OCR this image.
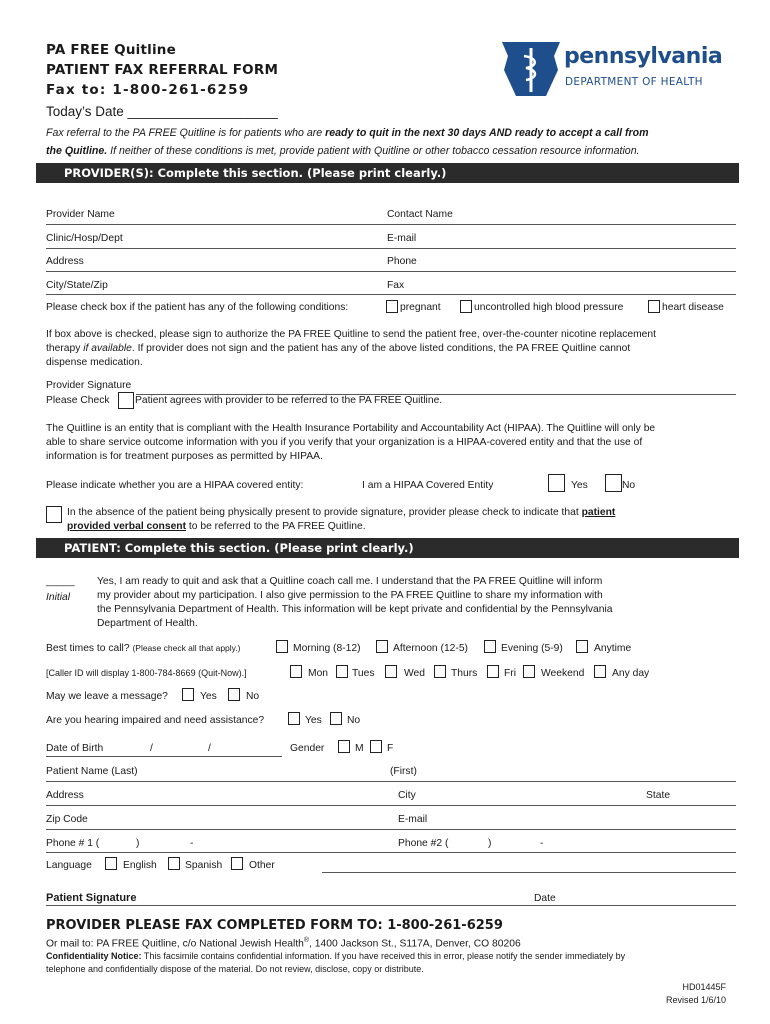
PA FREE Quitline
PATIENT FAX REFERRAL FORM
Fax to: 1-800-261-6259
Today’s Date ____________________
pennsylvania
DEPARTMENT OF HEALTH
Fax referral to the PA FREE Quitline is for patients who are ready to quit in the next 30 days AND ready to accept a call from
the Quitline. If neither of these conditions is met, provide patient with Quitline or other tobacco cessation resource information.
PROVIDER(S): Complete this section. (Please print clearly.)
Provider Name	Contact Name
Clinic/Hosp/Dept	E-mail
Address	Phone
City/State/Zip	Fax
Please check box if the patient has any of the following conditions:	pregnant	uncontrolled high blood pressure	heart disease
If box above is checked, please sign to authorize the PA FREE Quitline to send the patient free, over-the-counter nicotine replacement
therapy if available. If provider does not sign and the patient has any of the above listed conditions, the PA FREE Quitline cannot
dispense medication.
Provider Signature
Please Check Patient agrees with provider to be referred to the PA FREE Quitline.
The Quitline is an entity that is compliant with the Health Insurance Portability and Accountability Act (HIPAA). The Quitline will only be
able to share service outcome information with you if you verify that your organization is a HIPAA-covered entity and that the use of
information is for treatment purposes as permitted by HIPAA.
Please indicate whether you are a HIPAA covered entity:	I am a HIPAA Covered Entity	Yes	No
In the absence of the patient being physically present to provide signature, provider please check to indicate that patient
provided verbal consent to be referred to the PA FREE Quitline.
PATIENT: Complete this section. (Please print clearly.)
_____
Initial
Yes, I am ready to quit and ask that a Quitline coach call me. I understand that the PA FREE Quitline will inform
my provider about my participation. I also give permission to the PA FREE Quitline to share my information with
the Pennsylvania Department of Health. This information will be kept private and confidential by the Pennsylvania
Department of Health.
Best times to call? (Please check all that apply.)	Morning (8-12)	Afternoon (12-5)	Evening (5-9)	Anytime
[Caller ID will display 1-800-784-8669 (Quit-Now).]	Mon Tues	Wed	Thurs	Fri Weekend	Any day
May we leave a message?	Yes	No
Are you hearing impaired and need assistance?	Yes No
Date of Birth	/	/	Gender	M F
Patient Name (Last)	(First)
Address	City	State
Zip Code	E-mail
Phone # 1 (	)	-	Phone #2 (	)	-
Language	English	Spanish	Other
Patient Signature	Date
PROVIDER PLEASE FAX COMPLETED FORM TO: 1-800-261-6259
Or mail to: PA FREE Quitline, c/o National Jewish Health®, 1400 Jackson St., S117A, Denver, CO 80206
Confidentiality Notice: This facsimile contains confidential information. If you have received this in error, please notify the sender immediately by
telephone and confidentially dispose of the material. Do not review, disclose, copy or distribute.
HD01445F
Revised 1/6/10
